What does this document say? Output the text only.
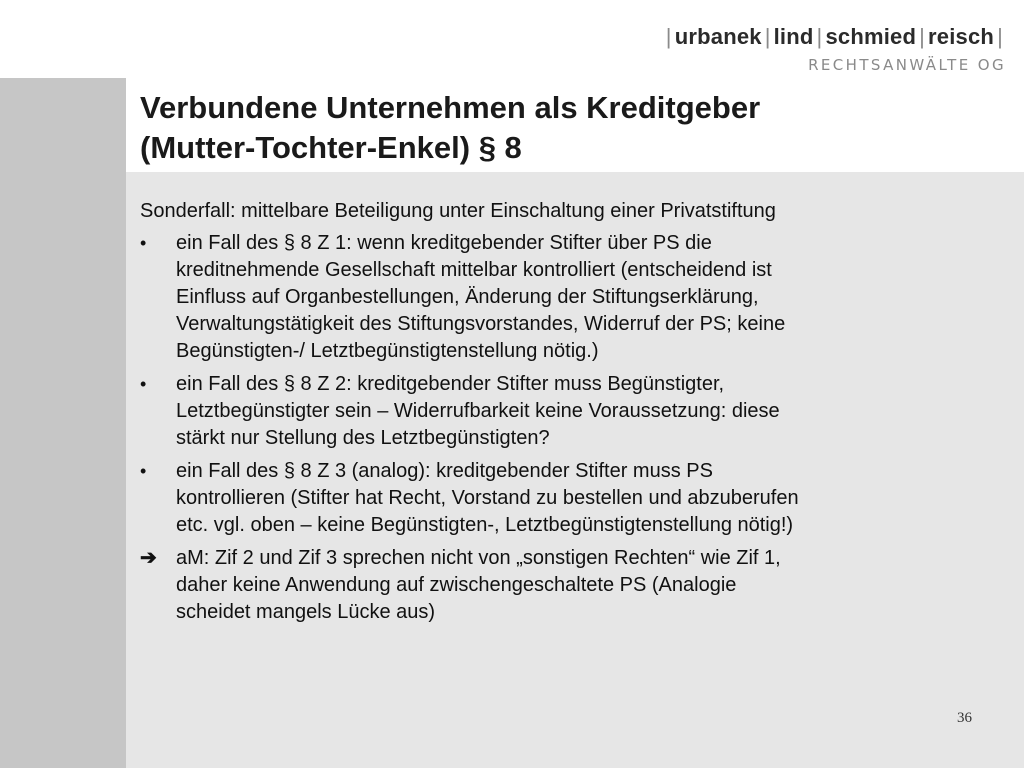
| urbanek | lind | schmied | reisch |
RECHTSANWÄLTE OG
Verbundene Unternehmen als Kreditgeber
(Mutter-Tochter-Enkel) § 8

Sonderfall: mittelbare Beteiligung unter Einschaltung einer Privatstiftung

•	ein Fall des § 8 Z 1: wenn kreditgebender Stifter über PS die
kreditnehmende Gesellschaft mittelbar kontrolliert (entscheidend ist
Einfluss auf Organbestellungen, Änderung der Stiftungserklärung,
Verwaltungstätigkeit des Stiftungsvorstandes, Widerruf der PS; keine
Begünstigten-/ Letztbegünstigtenstellung nötig.)
•	ein Fall des § 8 Z 2: kreditgebender Stifter muss Begünstigter,
Letztbegünstigter sein – Widerrufbarkeit keine Voraussetzung: diese
stärkt nur Stellung des Letztbegünstigten?
•	ein Fall des § 8 Z 3 (analog): kreditgebender Stifter muss PS
kontrollieren (Stifter hat Recht, Vorstand zu bestellen und abzuberufen
etc. vgl. oben – keine Begünstigten-, Letztbegünstigtenstellung nötig!)
➔ aM: Zif 2 und Zif 3 sprechen nicht von „sonstigen Rechten“ wie Zif 1,
daher keine Anwendung auf zwischengeschaltete PS (Analogie
scheidet mangels Lücke aus)
36
